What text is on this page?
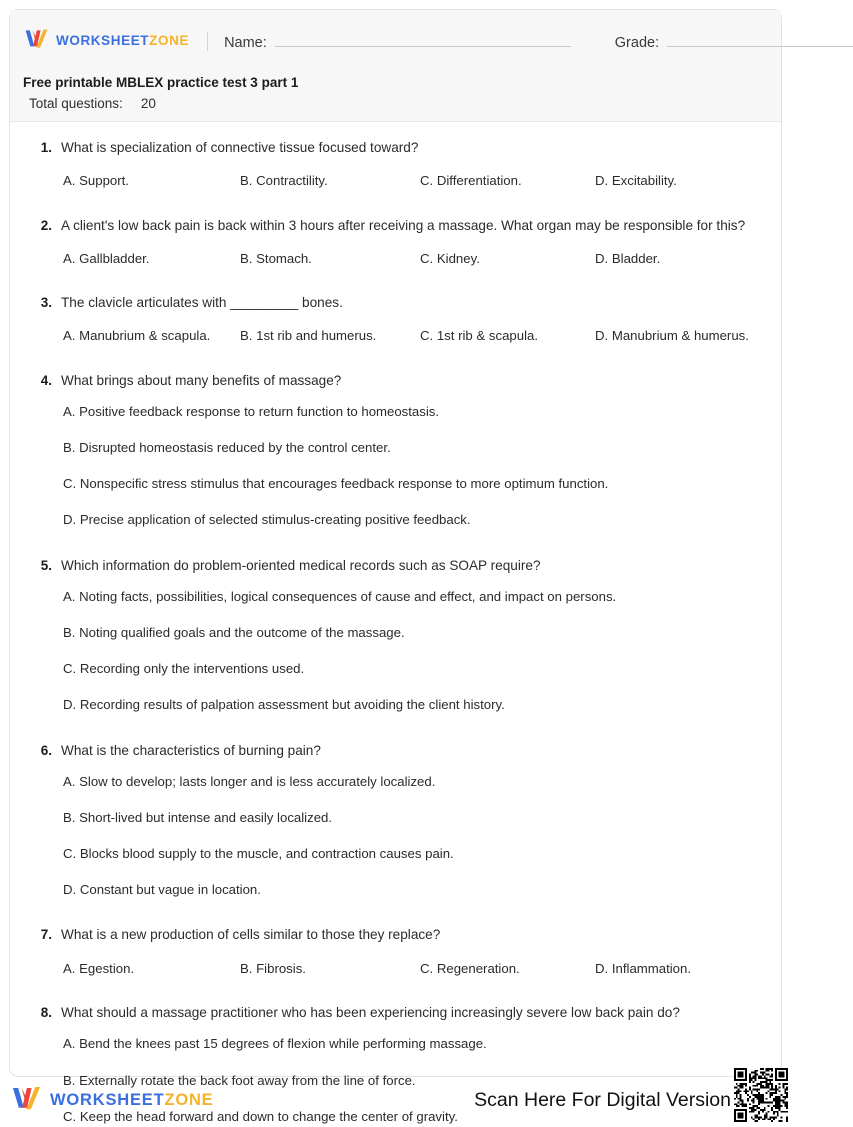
WORKSHEETZONE Name:	Grade:
Free printable MBLEX practice test 3 part 1
Total questions: 20
1. What is specialization of connective tissue focused toward?
A. Support.	B. Contractility.	C. Differentiation.	D. Excitability.
2. A client's low back pain is back within 3 hours after receiving a massage. What organ may be responsible for this?
A. Gallbladder.	B. Stomach.	C. Kidney.	D. Bladder.
3. The clavicle articulates with _________ bones.
A. Manubrium & scapula.	B. 1st rib and humerus.	C. 1st rib & scapula.	D. Manubrium & humerus.
4. What brings about many benefits of massage?
A. Positive feedback response to return function to homeostasis.
B. Disrupted homeostasis reduced by the control center.
C. Nonspecific stress stimulus that encourages feedback response to more optimum function.
D. Precise application of selected stimulus-creating positive feedback.
5. Which information do problem-oriented medical records such as SOAP require?
A. Noting facts, possibilities, logical consequences of cause and effect, and impact on persons.
B. Noting qualified goals and the outcome of the massage.
C. Recording only the interventions used.
D. Recording results of palpation assessment but avoiding the client history.
6. What is the characteristics of burning pain?
A. Slow to develop; lasts longer and is less accurately localized.
B. Short-lived but intense and easily localized.
C. Blocks blood supply to the muscle, and contraction causes pain.
D. Constant but vague in location.
7. What is a new production of cells similar to those they replace?
A. Egestion.	B. Fibrosis.	C. Regeneration.	D. Inflammation.
8. What should a massage practitioner who has been experiencing increasingly severe low back pain do?
A. Bend the knees past 15 degrees of flexion while performing massage.
B. Externally rotate the back foot away from the line of force.
C. Keep the head forward and down to change the center of gravity.
WORKSHEETZONE	Scan Here For Digital Version
